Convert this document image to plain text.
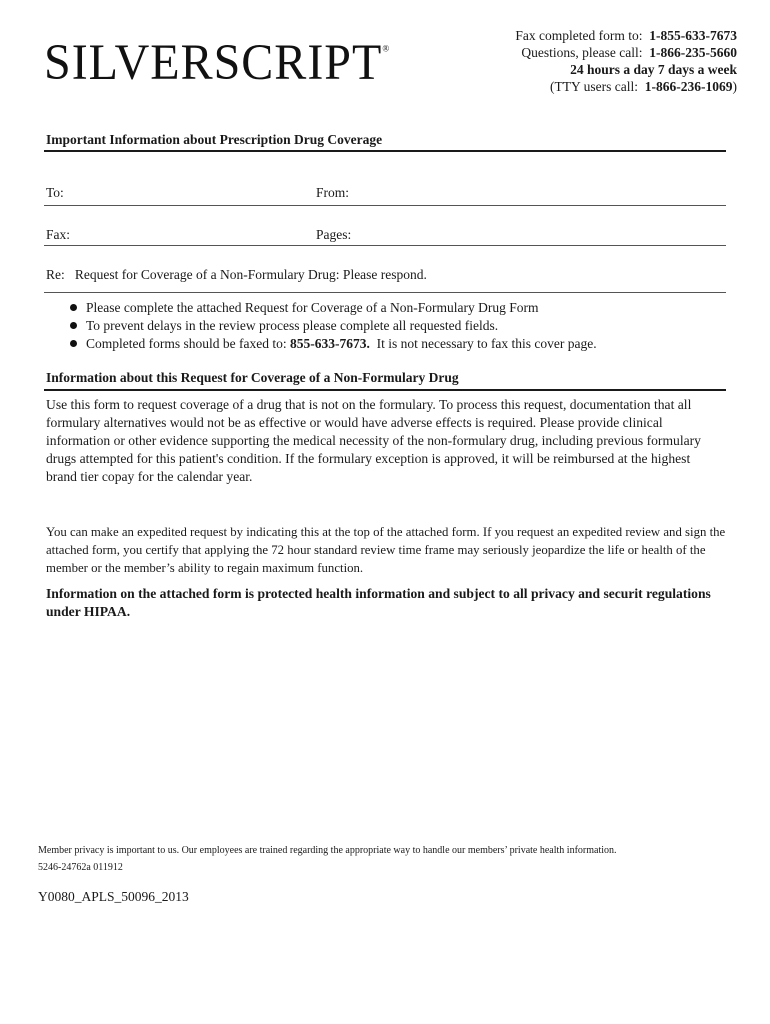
SILVERSCRIPT®
Fax completed form to: 1-855-633-7673
Questions, please call: 1-866-235-5660
24 hours a day 7 days a week
(TTY users call: 1-866-236-1069)
Important Information about Prescription Drug Coverage
To:	From:
Fax:	Pages:
Re: Request for Coverage of a Non-Formulary Drug: Please respond.
Please complete the attached Request for Coverage of a Non-Formulary Drug Form
To prevent delays in the review process please complete all requested fields.
Completed forms should be faxed to: 855-633-7673. It is not necessary to fax this cover page.
Information about this Request for Coverage of a Non-Formulary Drug
Use this form to request coverage of a drug that is not on the formulary. To process this request, documentation that all formulary alternatives would not be as effective or would have adverse effects is required. Please provide clinical information or other evidence supporting the medical necessity of the non-formulary drug, including previous formulary drugs attempted for this patient's condition. If the formulary exception is approved, it will be reimbursed at the highest brand tier copay for the calendar year.
You can make an expedited request by indicating this at the top of the attached form. If you request an expedited review and sign the attached form, you certify that applying the 72 hour standard review time frame may seriously jeopardize the life or health of the member or the member’s ability to regain maximum function.
Information on the attached form is protected health information and subject to all privacy and securit regulations under HIPAA.
Member privacy is important to us. Our employees are trained regarding the appropriate way to handle our members’ private health information.
5246-24762a 011912
Y0080_APLS_50096_2013
